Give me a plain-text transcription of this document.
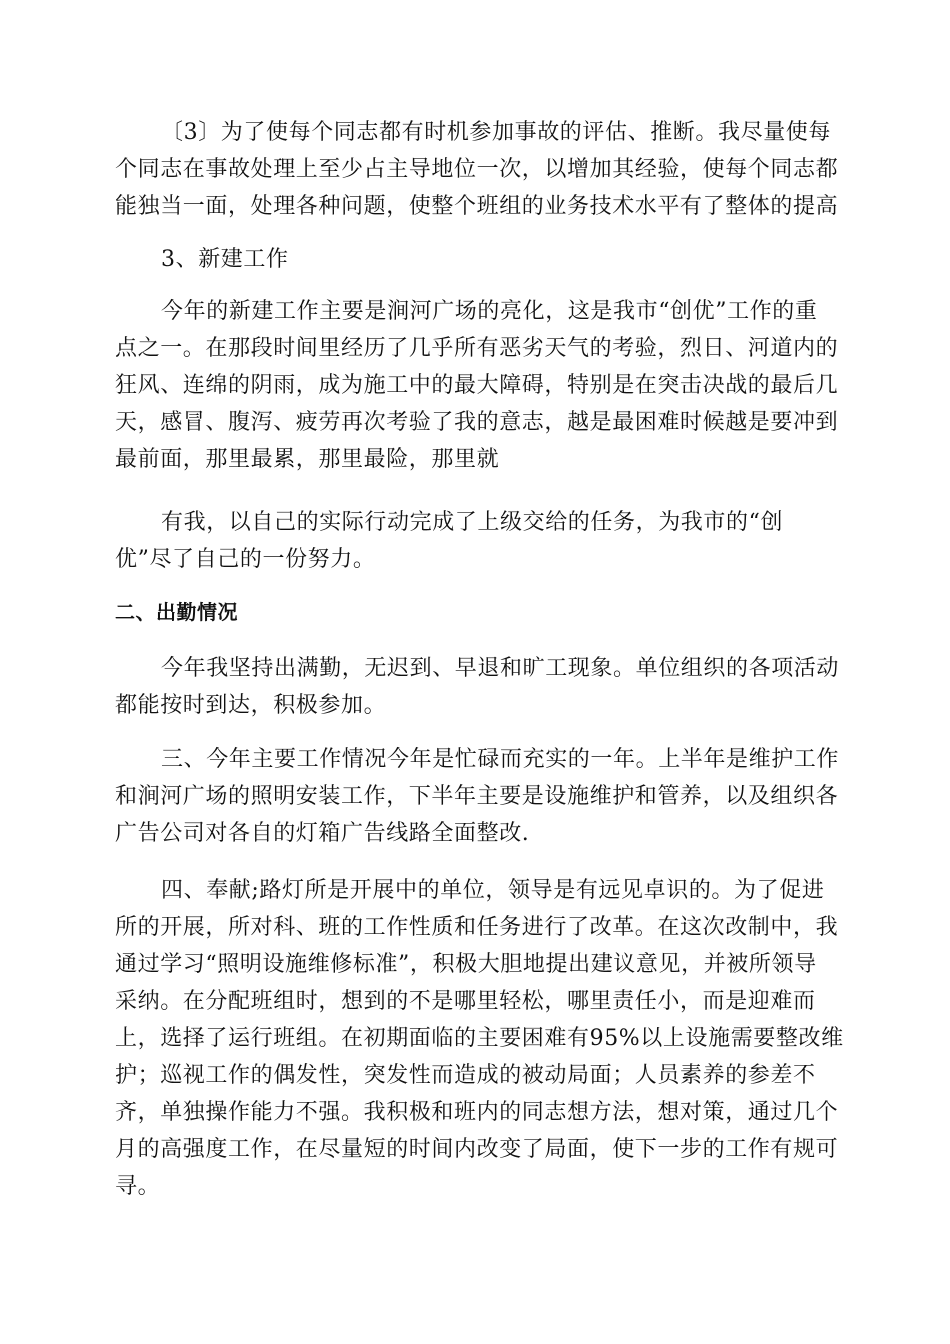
〔3〕为了使每个同志都有时机参加事故的评估、推断。我尽量使每
个同志在事故处理上至少占主导地位一次，以增加其经验，使每个同志都
能独当一面，处理各种问题，使整个班组的业务技术水平有了整体的提高

3、新建工作

今年的新建工作主要是涧河广场的亮化，这是我市“创优”工作的重
点之一。在那段时间里经历了几乎所有恶劣天气的考验，烈日、河道内的
狂风、连绵的阴雨，成为施工中的最大障碍，特别是在突击决战的最后几
天，感冒、腹泻、疲劳再次考验了我的意志，越是最困难时候越是要冲到
最前面，那里最累，那里最险，那里就

有我，以自己的实际行动完成了上级交给的任务，为我市的“创
优”尽了自己的一份努力。

二、出勤情况

今年我坚持出满勤，无迟到、早退和旷工现象。单位组织的各项活动
都能按时到达，积极参加。

三、今年主要工作情况今年是忙碌而充实的一年。上半年是维护工作
和涧河广场的照明安装工作，下半年主要是设施维护和管养，以及组织各
广告公司对各自的灯箱广告线路全面整改.

四、奉献;路灯所是开展中的单位，领导是有远见卓识的。为了促进
所的开展，所对科、班的工作性质和任务进行了改革。在这次改制中，我
通过学习“照明设施维修标准”，积极大胆地提出建议意见，并被所领导
采纳。在分配班组时，想到的不是哪里轻松，哪里责任小，而是迎难而
上，选择了运行班组。在初期面临的主要困难有95%以上设施需要整改维
护；巡视工作的偶发性，突发性而造成的被动局面；人员素养的参差不
齐，单独操作能力不强。我积极和班内的同志想方法，想对策，通过几个
月的高强度工作，在尽量短的时间内改变了局面，使下一步的工作有规可
寻。
